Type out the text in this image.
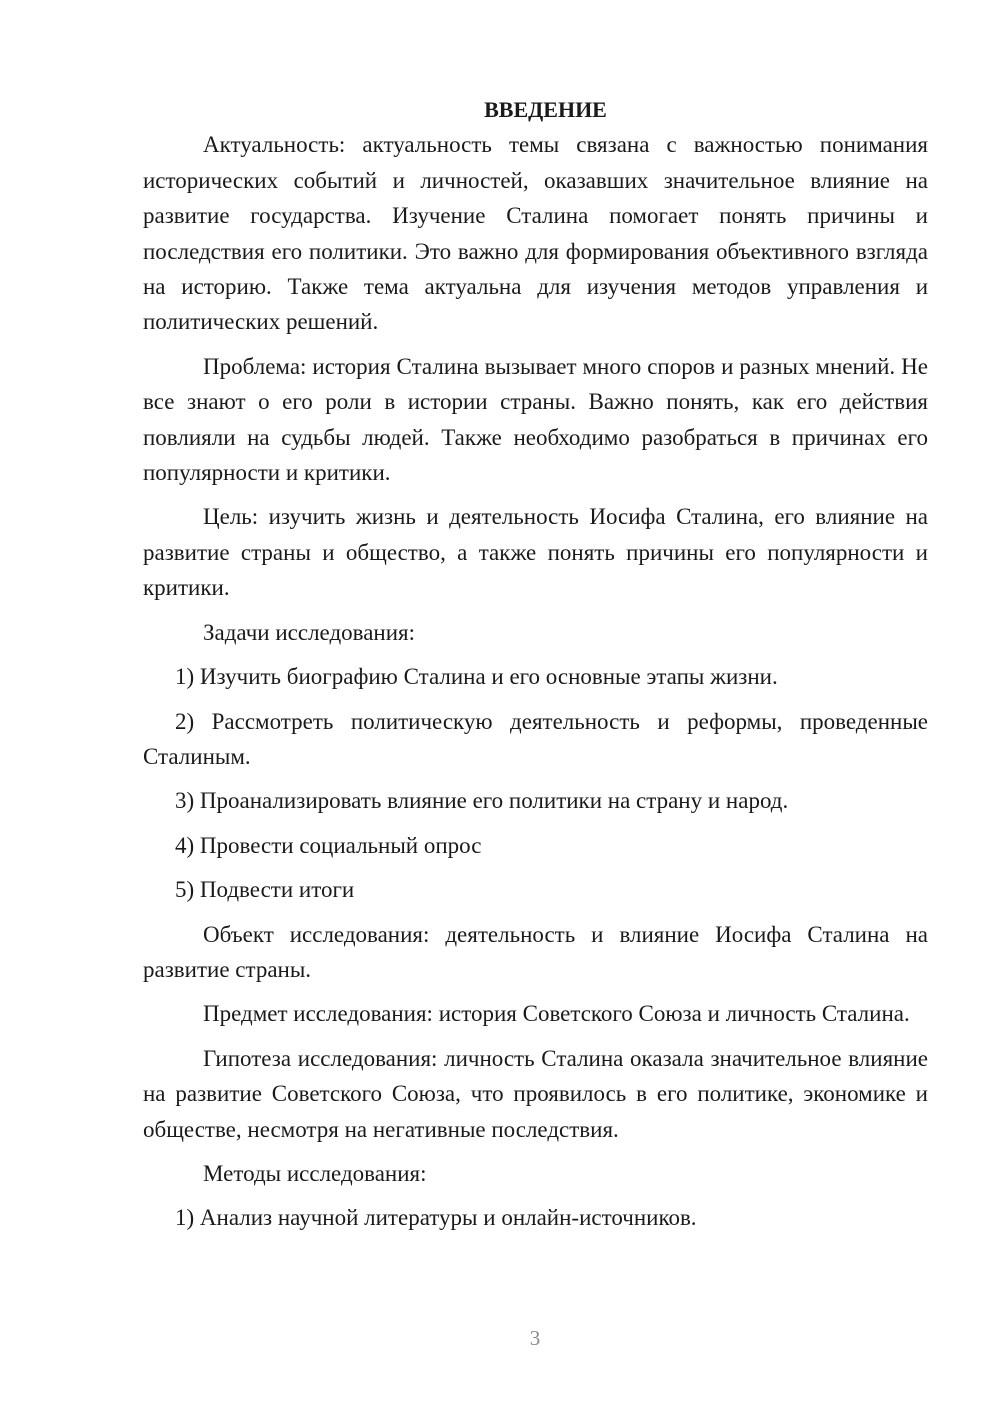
ВВЕДЕНИЕ

Актуальность: актуальность темы связана с важностью понимания исторических событий и личностей, оказавших значительное влияние на развитие государства. Изучение Сталина помогает понять причины и последствия его политики. Это важно для формирования объективного взгляда на историю. Также тема актуальна для изучения методов управления и политических решений.

Проблема: история Сталина вызывает много споров и разных мнений. Не все знают о его роли в истории страны. Важно понять, как его действия повлияли на судьбы людей. Также необходимо разобраться в причинах его популярности и критики.

Цель: изучить жизнь и деятельность Иосифа Сталина, его влияние на развитие страны и общество, а также понять причины его популярности и критики.

Задачи исследования:

1) Изучить биографию Сталина и его основные этапы жизни.

2) Рассмотреть политическую деятельность и реформы, проведенные Сталиным.

3) Проанализировать влияние его политики на страну и народ.

4) Провести социальный опрос

5) Подвести итоги

Объект исследования: деятельность и влияние Иосифа Сталина на развитие страны.

Предмет исследования: история Советского Союза и личность Сталина.

Гипотеза исследования: личность Сталина оказала значительное влияние на развитие Советского Союза, что проявилось в его политике, экономике и обществе, несмотря на негативные последствия.

Методы исследования:

1) Анализ научной литературы и онлайн-источников.

3
